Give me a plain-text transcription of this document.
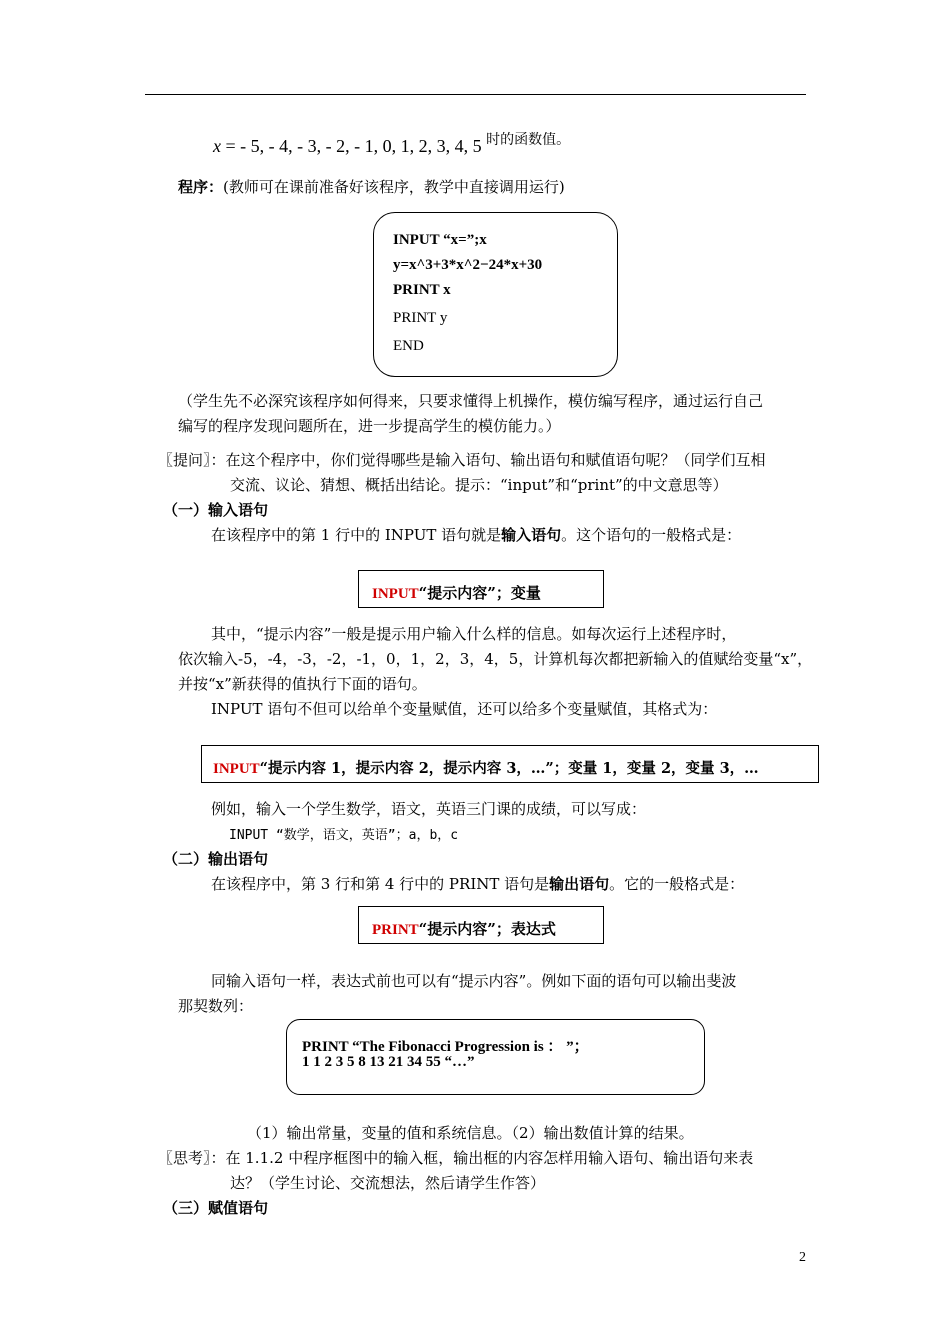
x = - 5, - 4, - 3, - 2, - 1, 0, 1, 2, 3, 4, 5 $^{时的函数值。}$
程序：(教师可在课前准备好该程序，教学中直接调用运行)
INPUT “x=”;x
y=x^3+3*x^2−24*x+30
PRINT x
PRINT y
END
（学生先不必深究该程序如何得来，只要求懂得上机操作，模仿编写程序，通过运行自己
编写的程序发现问题所在，进一步提高学生的模仿能力。）
〖提问〗：在这个程序中，你们觉得哪些是输入语句、输出语句和赋值语句呢？（同学们互相
交流、议论、猜想、概括出结论。提示：“input”和“print”的中文意思等）
（一）输入语句
在该程序中的第 1 行中的 INPUT 语句就是输入语句。这个语句的一般格式是：
INPUT“提示内容”；变量
其中，“提示内容”一般是提示用户输入什么样的信息。如每次运行上述程序时，
依次输入-5，-4，-3，-2，-1，0，1，2，3，4，5，计算机每次都把新输入的值赋给变量“x”，
并按“x”新获得的值执行下面的语句。
INPUT 语句不但可以给单个变量赋值，还可以给多个变量赋值，其格式为：
INPUT“提示内容 1，提示内容 2，提示内容 3，…”；变量 1，变量 2，变量 3，…
例如，输入一个学生数学，语文，英语三门课的成绩，可以写成：
INPUT “数学，语文，英语”；a，b，c
（二）输出语句
在该程序中，第 3 行和第 4 行中的 PRINT 语句是输出语句。它的一般格式是：
PRINT“提示内容”；表达式
同输入语句一样，表达式前也可以有“提示内容”。例如下面的语句可以输出斐波
那契数列：
PRINT “The Fibonacci Progression is ： ”；
1 1 2 3 5 8 13 21 34 55 “…”
（1）输出常量，变量的值和系统信息。（2）输出数值计算的结果。
〖思考〗：在 1.1.2 中程序框图中的输入框，输出框的内容怎样用输入语句、输出语句来表
达？（学生讨论、交流想法，然后请学生作答）
（三）赋值语句
2
